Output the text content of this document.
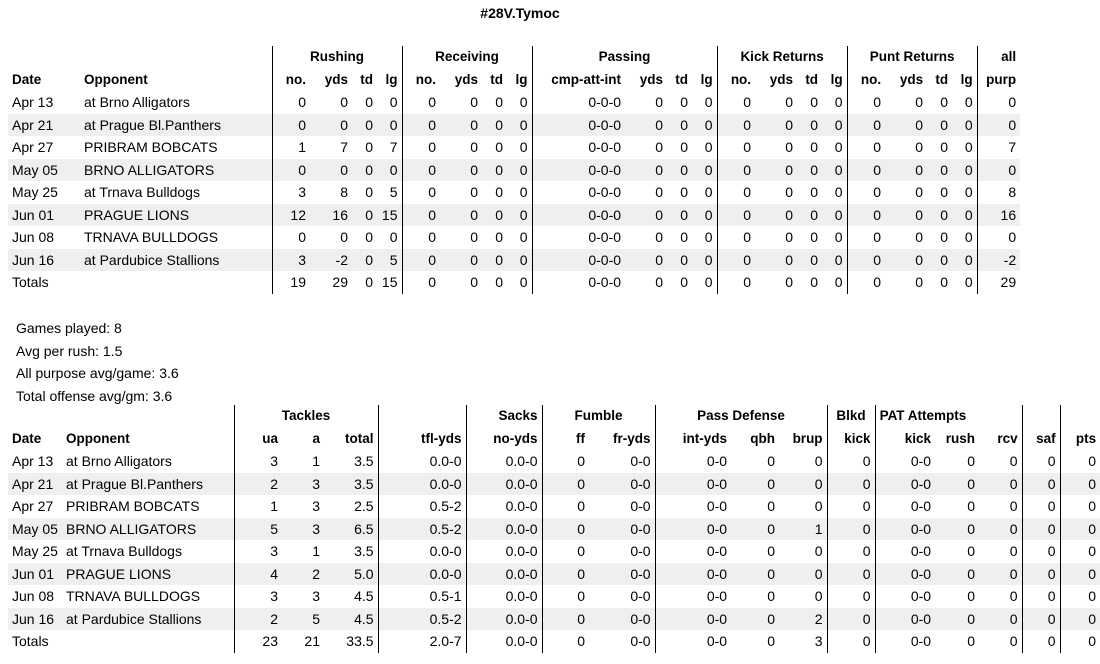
#28V.Tymoc
		Rushing				Receiving				Passing				Kick Returns				Punt Returns				all
Date	Opponent	no.	yds	td	lg	no.	yds	td	lg	cmp-att-int	yds	td	lg	no.	yds	td	lg	no.	yds	td	lg	purp
Apr 13	at Brno Alligators	0	0	0	0	0	0	0	0	0-0-0	0	0	0	0	0	0	0	0	0	0	0	0
Apr 21	at Prague Bl.Panthers	0	0	0	0	0	0	0	0	0-0-0	0	0	0	0	0	0	0	0	0	0	0	0
Apr 27	PRIBRAM BOBCATS	1	7	0	7	0	0	0	0	0-0-0	0	0	0	0	0	0	0	0	0	0	0	7
May 05	BRNO ALLIGATORS	0	0	0	0	0	0	0	0	0-0-0	0	0	0	0	0	0	0	0	0	0	0	0
May 25	at Trnava Bulldogs	3	8	0	5	0	0	0	0	0-0-0	0	0	0	0	0	0	0	0	0	0	0	8
Jun 01	PRAGUE LIONS	12	16	0	15	0	0	0	0	0-0-0	0	0	0	0	0	0	0	0	0	0	0	16
Jun 08	TRNAVA BULLDOGS	0	0	0	0	0	0	0	0	0-0-0	0	0	0	0	0	0	0	0	0	0	0	0
Jun 16	at Pardubice Stallions	3	-2	0	5	0	0	0	0	0-0-0	0	0	0	0	0	0	0	0	0	0	0	-2
Totals		19	29	0	15	0	0	0	0	0-0-0	0	0	0	0	0	0	0	0	0	0	0	29
Games played: 8
Avg per rush: 1.5
All purpose avg/game: 3.6
Total offense avg/gm: 3.6
		Tackles				Sacks	Fumble		Pass Defense			Blkd	PAT Attempts				
Date	Opponent	ua	a	total	tfl-yds	no-yds	ff	fr-yds	int-yds	qbh	brup	kick	kick	rush	rcv	saf	pts
Apr 13	at Brno Alligators	3	1	3.5	0.0-0	0.0-0	0	0-0	0-0	0	0	0	0-0	0	0	0	0
Apr 21	at Prague Bl.Panthers	2	3	3.5	0.0-0	0.0-0	0	0-0	0-0	0	0	0	0-0	0	0	0	0
Apr 27	PRIBRAM BOBCATS	1	3	2.5	0.5-2	0.0-0	0	0-0	0-0	0	0	0	0-0	0	0	0	0
May 05	BRNO ALLIGATORS	5	3	6.5	0.5-2	0.0-0	0	0-0	0-0	0	1	0	0-0	0	0	0	0
May 25	at Trnava Bulldogs	3	1	3.5	0.0-0	0.0-0	0	0-0	0-0	0	0	0	0-0	0	0	0	0
Jun 01	PRAGUE LIONS	4	2	5.0	0.0-0	0.0-0	0	0-0	0-0	0	0	0	0-0	0	0	0	0
Jun 08	TRNAVA BULLDOGS	3	3	4.5	0.5-1	0.0-0	0	0-0	0-0	0	0	0	0-0	0	0	0	0
Jun 16	at Pardubice Stallions	2	5	4.5	0.5-2	0.0-0	0	0-0	0-0	0	2	0	0-0	0	0	0	0
Totals		23	21	33.5	2.0-7	0.0-0	0	0-0	0-0	0	3	0	0-0	0	0	0	0
